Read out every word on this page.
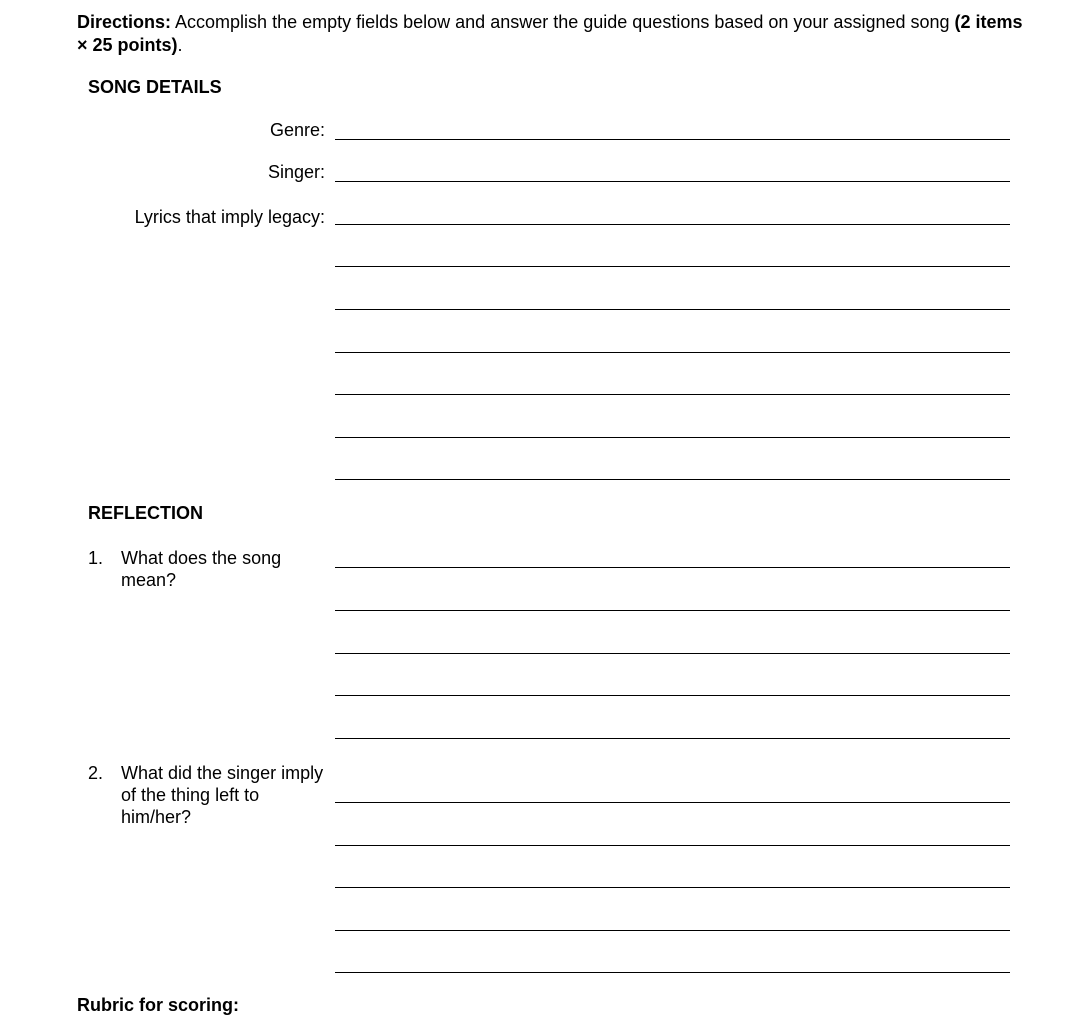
Directions: Accomplish the empty fields below and answer the guide questions based on your assigned song (2 items × 25 points).
SONG DETAILS
Genre:
Singer:
Lyrics that imply legacy:
REFLECTION
1. What does the song mean?
2. What did the singer imply of the thing left to him/her?
Rubric for scoring:
